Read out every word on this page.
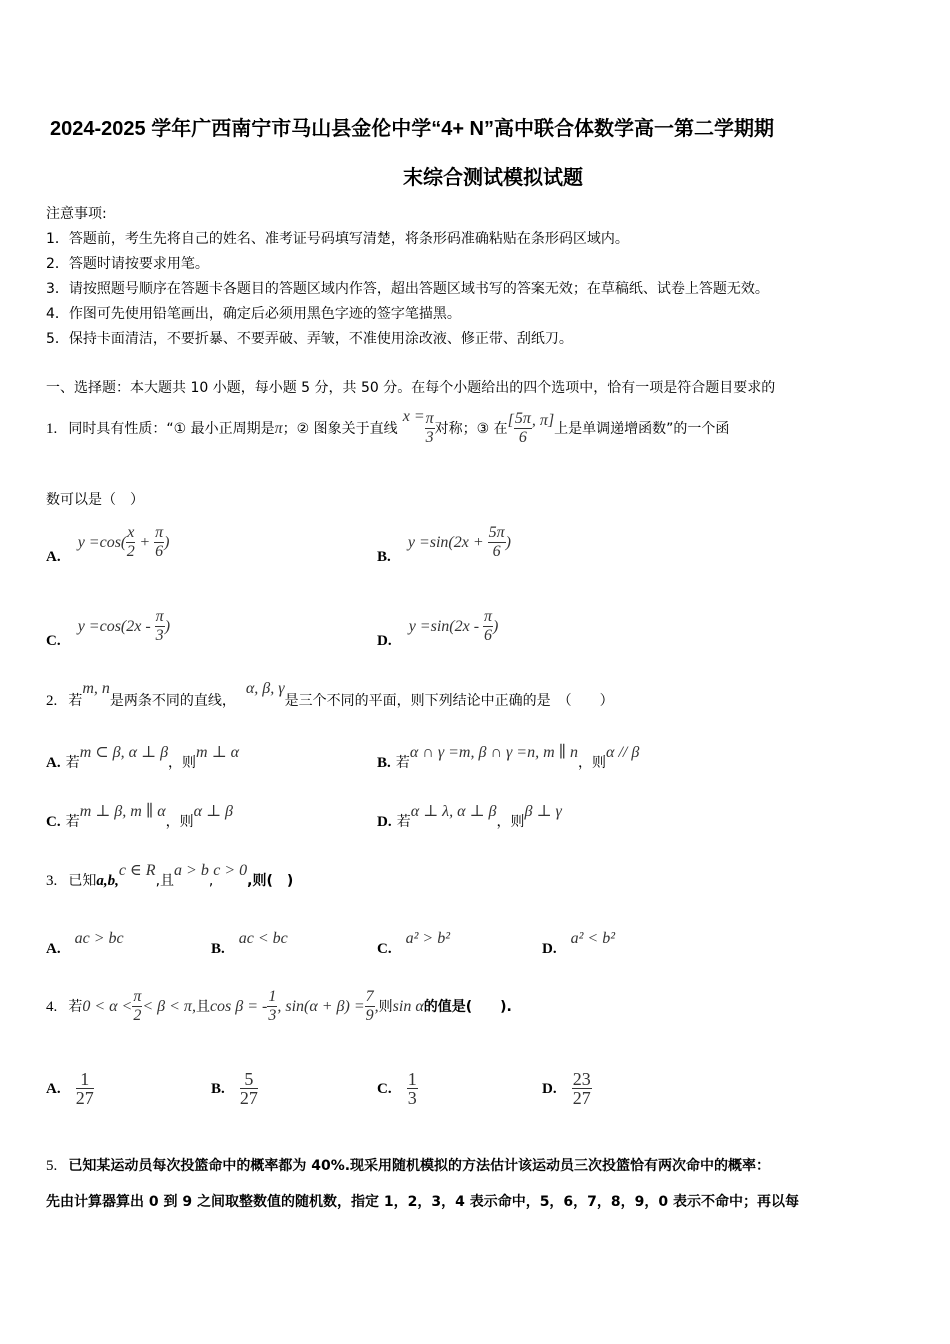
2024-2025 学年广西南宁市马山县金伦中学“4+ N”高中联合体数学高一第二学期期
末综合测试模拟试题
注意事项:
1．答题前，考生先将自己的姓名、准考证号码填写清楚，将条形码准确粘贴在条形码区域内。
2．答题时请按要求用笔。
3．请按照题号顺序在答题卡各题目的答题区域内作答，超出答题区域书写的答案无效；在草稿纸、试卷上答题无效。
4．作图可先使用铅笔画出，确定后必须用黑色字迹的签字笔描黑。
5．保持卡面清洁，不要折暴、不要弄破、弄皱，不准使用涂改液、修正带、刮纸刀。
一、选择题：本大题共 10 小题，每小题 5 分，共 50 分。在每个小题给出的四个选项中，恰有一项是符合题目要求的
1. 同时具有性质：“① 最小正周期是π；② 图象关于直线 $x = \frac{\pi}{3}$ 对称；③ 在[ $\frac{5\pi}{6}$ , π]上是单调递增函数”的一个函
数可以是（　）
A. $y =\cos( \frac{x}{2} + \frac{\pi}{6}$ )
B. $y =\sin(2x + \frac{5\pi}{6}$ )
C. $y =\cos(2x - \frac{\pi}{3}$ )
D. $y =\sin(2x - \frac{\pi}{6}$ )
2. 若m, n是两条不同的直线，α, β, γ是三个不同的平面，则下列结论中正确的是　（　　）
A. 若m ⊂ β, α ⊥ β，则m ⊥ α
B. 若α ∩ γ =m, β ∩ γ =n, m ∥ n，则α // β
C. 若m ⊥ β, m ∥ α，则α ⊥ β
D. 若α ⊥ λ, α ⊥ β，则β ⊥ γ
3. 已知a,b,c ∈ R,且a > b,c > 0,则(　)
A.ac > bc
B.ac < bc
C.a² > b²
D.a² < b²
4. 若$0 < \alpha < \frac{\pi}{2} < \beta < \pi$,且cos β = - $\frac{1}{3}$ , $\sin(\alpha + \beta) = \frac{7}{9}$ ,则sin α的值是(　　).
A. $\frac{1}{27}$	B. $\frac{5}{27}$	C. $\frac{1}{3}$	D. $\frac{23}{27}$
5. 已知某运动员每次投篮命中的概率都为 40%.现采用随机模拟的方法估计该运动员三次投篮恰有两次命中的概率：
先由计算器算出 0 到 9 之间取整数值的随机数，指定 1，2，3，4 表示命中，5，6，7，8，9，0 表示不命中；再以每
